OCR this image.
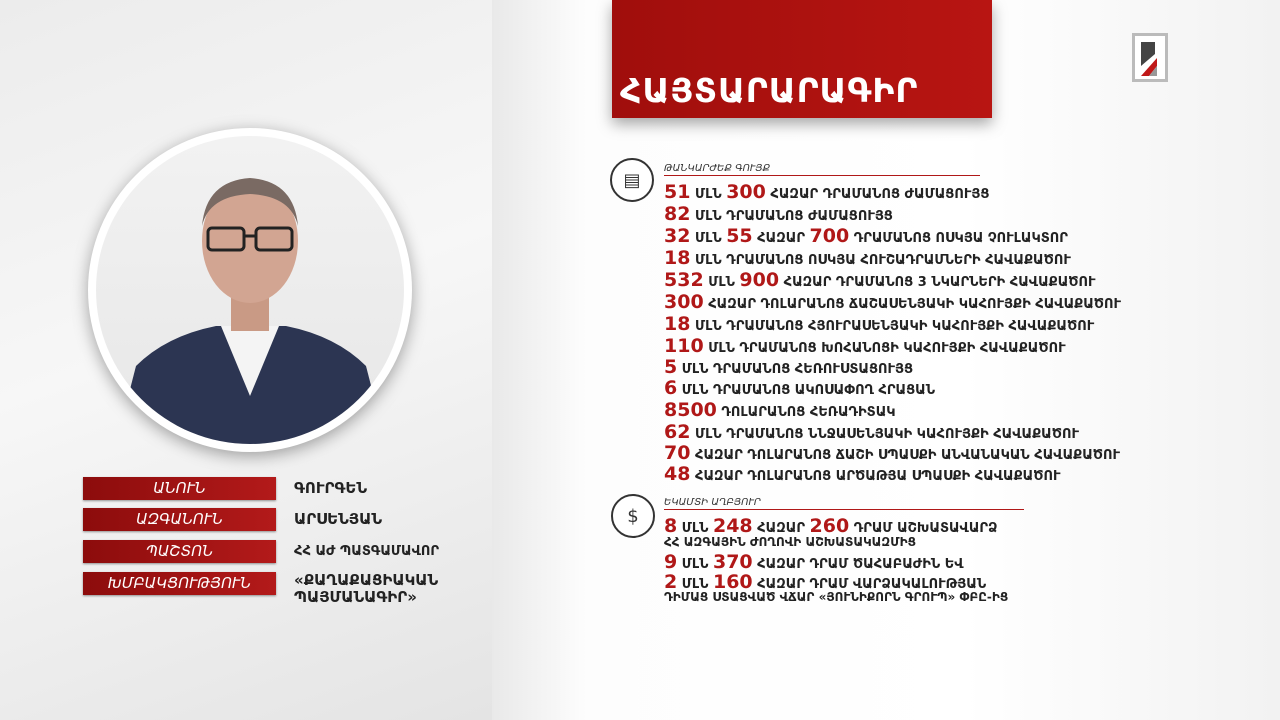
ԱՆՈՒՆ	ԳՈՒՐԳԵՆ
ԱԶԳԱՆՈՒՆ	ԱՐՍԵՆՅԱՆ
ՊԱՇՏՈՆ	ՀՀ ԱԺ ՊԱՏԳԱՄԱՎՈՐ
ԽՄԲԱԿՑՈՒԹՅՈՒՆ	«ՔԱՂԱՔԱՑԻԱԿԱՆ
ՊԱՅՄԱՆԱԳԻՐ»
ՀԱՅՏԱՐԱՐԱԳԻՐ
▤
ԹԱՆԿԱՐԺԵՔ ԳՈՒՅՔ
51 ՄԼՆ 300 ՀԱԶԱՐ ԴՐԱՄԱՆՈՑ ԺԱՄԱՑՈՒՅՑ
82 ՄԼՆ ԴՐԱՄԱՆՈՑ ԺԱՄԱՑՈՒՅՑ
32 ՄԼՆ 55 ՀԱԶԱՐ 700 ԴՐԱՄԱՆՈՑ ՈՍԿՅԱ ՉՈՒԼԱԿՏՈՐ
18 ՄԼՆ ԴՐԱՄԱՆՈՑ ՈՍԿՅԱ ՀՈՒՇԱԴՐԱՄՆԵՐԻ ՀԱՎԱՔԱԾՈՒ
532 ՄԼՆ 900 ՀԱԶԱՐ ԴՐԱՄԱՆՈՑ 3 ՆԿԱՐՆԵՐԻ ՀԱՎԱՔԱԾՈՒ
300 ՀԱԶԱՐ ԴՈԼԱՐԱՆՈՑ ՃԱՇԱՍԵՆՅԱԿԻ ԿԱՀՈՒՅՔԻ ՀԱՎԱՔԱԾՈՒ
18 ՄԼՆ ԴՐԱՄԱՆՈՑ ՀՅՈՒՐԱՍԵՆՅԱԿԻ ԿԱՀՈՒՅՔԻ ՀԱՎԱՔԱԾՈՒ
110 ՄԼՆ ԴՐԱՄԱՆՈՑ ԽՈՀԱՆՈՑԻ ԿԱՀՈՒՅՔԻ ՀԱՎԱՔԱԾՈՒ
5 ՄԼՆ ԴՐԱՄԱՆՈՑ ՀԵՌՈՒՍՏԱՑՈՒՅՑ
6 ՄԼՆ ԴՐԱՄԱՆՈՑ ԱԿՈՍԱՓՈՂ ՀՐԱՑԱՆ
8500 ԴՈԼԱՐԱՆՈՑ ՀԵՌԱԴԻՏԱԿ
62 ՄԼՆ ԴՐԱՄԱՆՈՑ ՆՆՋԱՍԵՆՅԱԿԻ ԿԱՀՈՒՅՔԻ ՀԱՎԱՔԱԾՈՒ
70 ՀԱԶԱՐ ԴՈԼԱՐԱՆՈՑ ՃԱՇԻ ՍՊԱՍՔԻ ԱՆՎԱՆԱԿԱՆ ՀԱՎԱՔԱԾՈՒ
48 ՀԱԶԱՐ ԴՈԼԱՐԱՆՈՑ ԱՐԾԱԹՅԱ ՍՊԱՍՔԻ ՀԱՎԱՔԱԾՈՒ
$
ԵԿԱՄՏԻ ԱՂԲՅՈՒՐ
8 ՄԼՆ 248 ՀԱԶԱՐ 260 ԴՐԱՄ ԱՇԽԱՏԱՎԱՐՁ
ՀՀ ԱԶԳԱՅԻՆ ԺՈՂՈՎԻ ԱՇԽԱՏԱԿԱԶՄԻՑ
9 ՄԼՆ 370 ՀԱԶԱՐ ԴՐԱՄ ԾԱՀԱԲԱԺԻՆ ԵՎ
2 ՄԼՆ 160 ՀԱԶԱՐ ԴՐԱՄ ՎԱՐՁԱԿԱԼՈՒԹՅԱՆ
ԴԻՄԱՑ ՍՏԱՑՎԱԾ ՎՃԱՐ «ՅՈՒՆԻՔՈՐՆ ԳՐՈՒՊ» ՓԲԸ-ԻՑ
